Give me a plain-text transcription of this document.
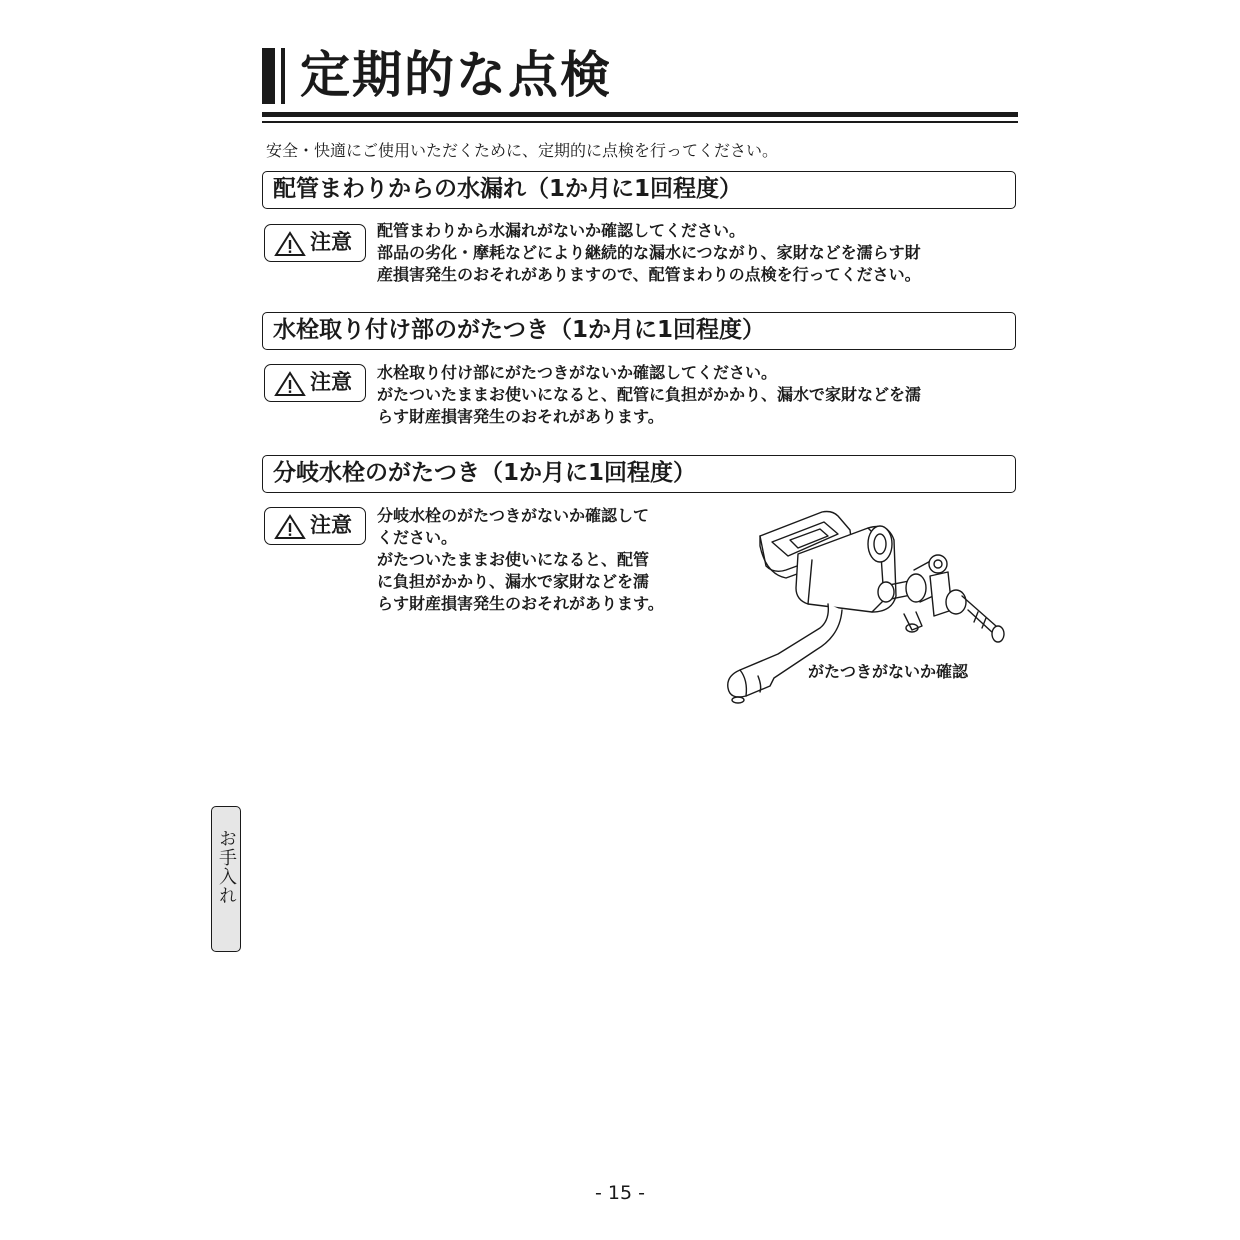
定期的な点検
安全・快適にご使用いただくために、定期的に点検を行ってください。
配管まわりからの水漏れ（1か月に1回程度）
注意 配管まわりから水漏れがないか確認してください。
部品の劣化・摩耗などにより継続的な漏水につながり、家財などを濡らす財
産損害発生のおそれがありますので、配管まわりの点検を行ってください。
水栓取り付け部のがたつき（1か月に1回程度）
注意 水栓取り付け部にがたつきがないか確認してください。
がたついたままお使いになると、配管に負担がかかり、漏水で家財などを濡
らす財産損害発生のおそれがあります。
分岐水栓のがたつき（1か月に1回程度）
注意 分岐水栓のがたつきがないか確認して
ください。
がたついたままお使いになると、配管
に負担がかかり、漏水で家財などを濡
らす財産損害発生のおそれがあります。
がたつきがないか確認
お手入れ
- 15 -
